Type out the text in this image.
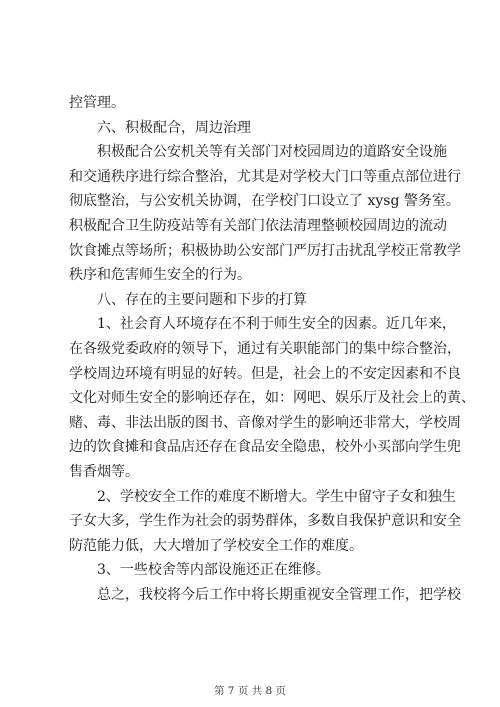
控管理。
六、积极配合，周边治理
积极配合公安机关等有关部门对校园周边的道路安全设施
和交通秩序进行综合整治，尤其是对学校大门口等重点部位进行
彻底整治，与公安机关协调，在学校门口设立了 xysg 警务室。
积极配合卫生防疫站等有关部门依法清理整顿校园周边的流动
饮食摊点等场所；积极协助公安部门严厉打击扰乱学校正常教学
秩序和危害师生安全的行为。
八、存在的主要问题和下步的打算
1、社会育人环境存在不利于师生安全的因素。近几年来，
在各级党委政府的领导下，通过有关职能部门的集中综合整治，
学校周边环境有明显的好转。但是，社会上的不安定因素和不良
文化对师生安全的影响还存在，如：网吧、娱乐厅及社会上的黄、
赌、毒、非法出版的图书、音像对学生的影响还非常大，学校周
边的饮食摊和食品店还存在食品安全隐患，校外小买部向学生兜
售香烟等。
2、学校安全工作的难度不断增大。学生中留守子女和独生
子女大多，学生作为社会的弱势群体，多数自我保护意识和安全
防范能力低，大大增加了学校安全工作的难度。
3、一些校舍等内部设施还正在维修。
总之，我校将今后工作中将长期重视安全管理工作，把学校
第 7 页 共 8 页
